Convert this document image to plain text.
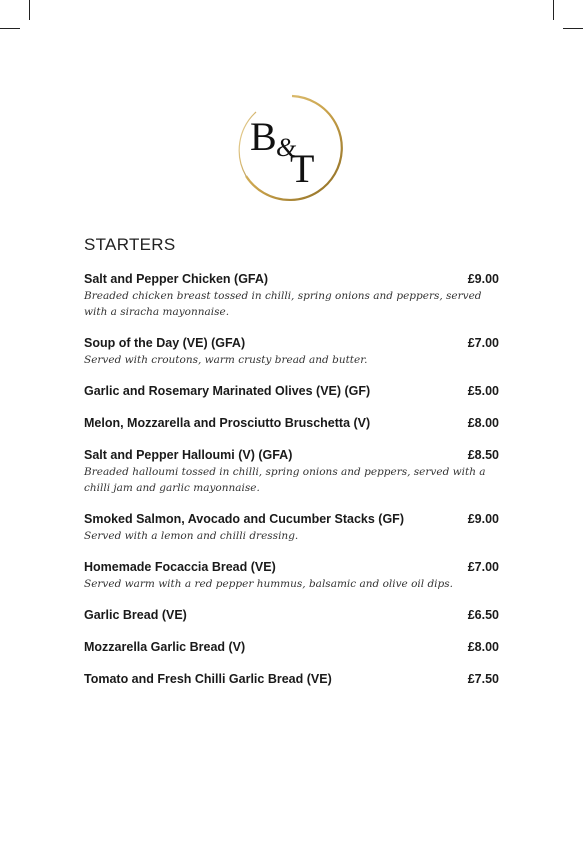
B &
T
STARTERS
Salt and Pepper Chicken (GFA)	£9.00
Breaded chicken breast tossed in chilli, spring onions and peppers, served with a siracha mayonnaise.
Soup of the Day (VE) (GFA)	£7.00
Served with croutons, warm crusty bread and butter.
Garlic and Rosemary Marinated Olives (VE) (GF)	£5.00
Melon, Mozzarella and Prosciutto Bruschetta (V)	£8.00
Salt and Pepper Halloumi (V) (GFA)	£8.50
Breaded halloumi tossed in chilli, spring onions and peppers, served with a chilli jam and garlic mayonnaise.
Smoked Salmon, Avocado and Cucumber Stacks (GF)	£9.00
Served with a lemon and chilli dressing.
Homemade Focaccia Bread (VE)	£7.00
Served warm with a red pepper hummus, balsamic and olive oil dips.
Garlic Bread (VE)	£6.50
Mozzarella Garlic Bread (V)	£8.00
Tomato and Fresh Chilli Garlic Bread (VE)	£7.50
